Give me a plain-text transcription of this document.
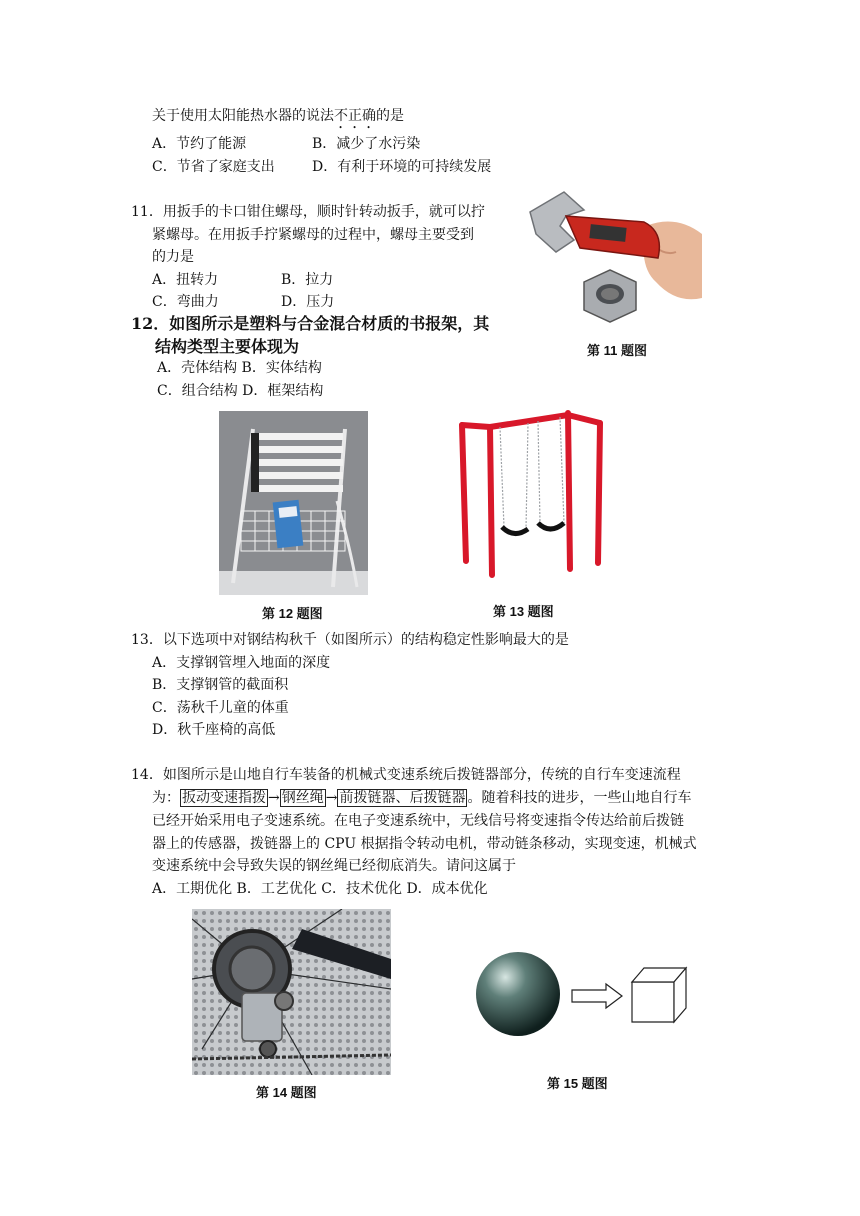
关于使用太阳能热水器的说法不正确的是
A．节约了能源	B．减少了水污染
C．节省了家庭支出	D．有利于环境的可持续发展
11．用扳手的卡口钳住螺母，顺时针转动扳手，就可以拧
紧螺母。在用扳手拧紧螺母的过程中，螺母主要受到
的力是
A．扭转力	B．拉力
C．弯曲力	D．压力
第 11 题图
12．如图所示是塑料与合金混合材质的书报架，其
结构类型主要体现为
A．壳体结构 B．实体结构
C．组合结构 D．框架结构
第 12 题图	第 13 题图
13．以下选项中对钢结构秋千（如图所示）的结构稳定性影响最大的是
A．支撑钢管埋入地面的深度
B．支撑钢管的截面积
C．荡秋千儿童的体重
D．秋千座椅的高低
14．如图所示是山地自行车装备的机械式变速系统后拨链器部分，传统的自行车变速流程
为： 扳动变速指拨 → 钢丝绳 → 前拨链器、后拨链器 。随着科技的进步，一些山地自行车
已经开始采用电子变速系统。在电子变速系统中，无线信号将变速指令传达给前后拨链
器上的传感器，拨链器上的 CPU 根据指令转动电机，带动链条移动，实现变速，机械式
变速系统中会导致失误的钢丝绳已经彻底消失。请问这属于
A．工期优化 B．工艺优化 C．技术优化 D．成本优化
第 14 题图
第 15 题图
